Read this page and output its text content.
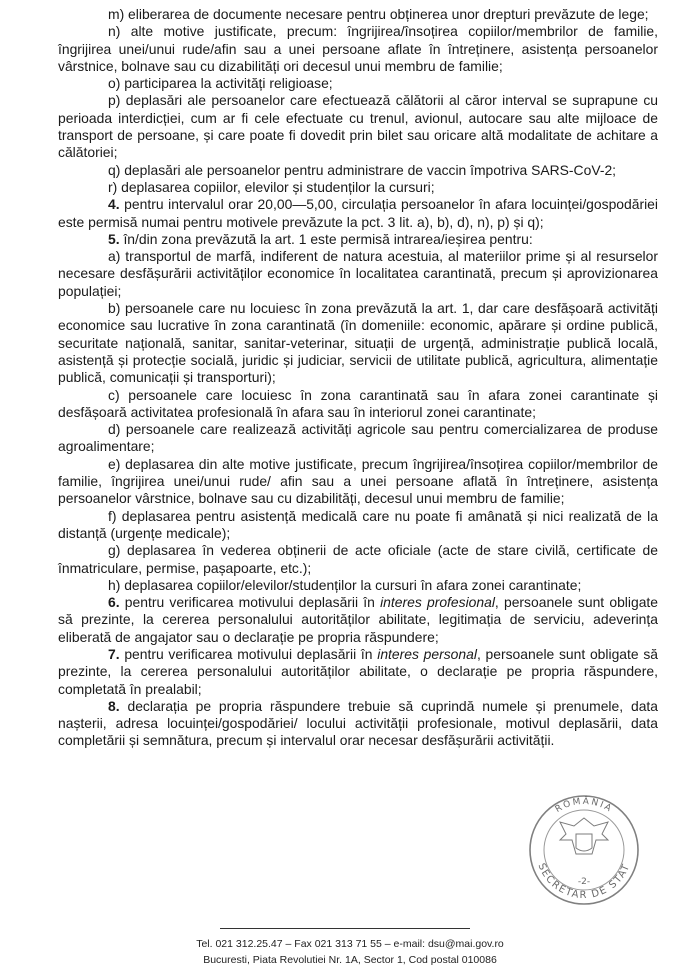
m) eliberarea de documente necesare pentru obținerea unor drepturi prevăzute de lege;

n) alte motive justificate, precum: îngrijirea/însoțirea copiilor/membrilor de familie, îngrijirea unei/unui rude/afin sau a unei persoane aflate în întreținere, asistența persoanelor vârstnice, bolnave sau cu dizabilități ori decesul unui membru de familie;

o) participarea la activități religioase;

p) deplasări ale persoanelor care efectuează călătorii al căror interval se suprapune cu perioada interdicției, cum ar fi cele efectuate cu trenul, avionul, autocare sau alte mijloace de transport de persoane, și care poate fi dovedit prin bilet sau oricare altă modalitate de achitare a călătoriei;

q) deplasări ale persoanelor pentru administrare de vaccin împotriva SARS-CoV-2;

r) deplasarea copiilor, elevilor și studenților la cursuri;

4. pentru intervalul orar 20,00—5,00, circulația persoanelor în afara locuinței/gospodăriei este permisă numai pentru motivele prevăzute la pct. 3 lit. a), b), d), n), p) și q);

5. în/din zona prevăzută la art. 1 este permisă intrarea/ieșirea pentru:

a) transportul de marfă, indiferent de natura acestuia, al materiilor prime și al resurselor necesare desfășurării activităților economice în localitatea carantinată, precum și aprovizionarea populației;

b) persoanele care nu locuiesc în zona prevăzută la art. 1, dar care desfășoară activități economice sau lucrative în zona carantinată (în domeniile: economic, apărare și ordine publică, securitate națională, sanitar, sanitar-veterinar, situații de urgență, administrație publică locală, asistență și protecție socială, juridic și judiciar, servicii de utilitate publică, agricultura, alimentație publică, comunicații și transporturi);

c) persoanele care locuiesc în zona carantinată sau în afara zonei carantinate și desfășoară activitatea profesională în afara sau în interiorul zonei carantinate;

d) persoanele care realizează activități agricole sau pentru comercializarea de produse agroalimentare;

e) deplasarea din alte motive justificate, precum îngrijirea/însoțirea copiilor/membrilor de familie, îngrijirea unei/unui rude/ afin sau a unei persoane aflată în întreținere, asistența persoanelor vârstnice, bolnave sau cu dizabilități, decesul unui membru de familie;

f) deplasarea pentru asistență medicală care nu poate fi amânată și nici realizată de la distanță (urgențe medicale);

g) deplasarea în vederea obținerii de acte oficiale (acte de stare civilă, certificate de înmatriculare, permise, pașapoarte, etc.);

h) deplasarea copiilor/elevilor/studenților la cursuri în afara zonei carantinate;

6. pentru verificarea motivului deplasării în interes profesional, persoanele sunt obligate să prezinte, la cererea personalului autorităților abilitate, legitimația de serviciu, adeverința eliberată de angajator sau o declarație pe propria răspundere;

7. pentru verificarea motivului deplasării în interes personal, persoanele sunt obligate să prezinte, la cererea personalului autorităților abilitate, o declarație pe propria răspundere, completată în prealabil;

8. declarația pe propria răspundere trebuie să cuprindă numele și prenumele, data nașterii, adresa locuinței/gospodăriei/ locului activității profesionale, motivul deplasării, data completării și semnătura, precum și intervalul orar necesar desfășurării activității.

ROMÂNIA
SECRETAR DE STAT
-2-
Tel. 021 312.25.47 – Fax 021 313 71 55 – e-mail: dsu@mai.gov.ro
Bucuresti, Piata Revolutiei Nr. 1A, Sector 1, Cod postal 010086
